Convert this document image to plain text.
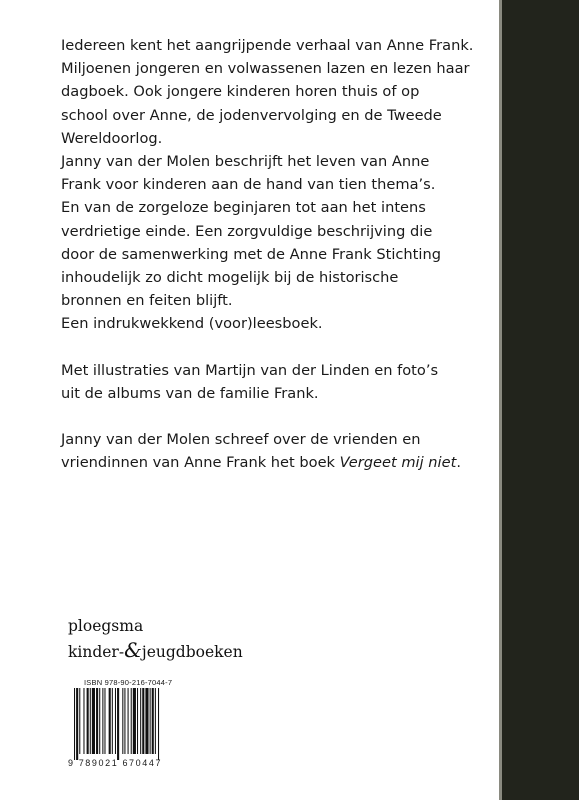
Iedereen kent het aangrijpende verhaal van Anne Frank.
Miljoenen jongeren en volwassenen lazen en lezen haar
dagboek. Ook jongere kinderen horen thuis of op
school over Anne, de jodenvervolging en de Tweede
Wereldoorlog.

Janny van der Molen beschrijft het leven van Anne
Frank voor kinderen aan de hand van tien thema’s.
En van de zorgeloze beginjaren tot aan het intens
verdrietige einde. Een zorgvuldige beschrijving die
door de samenwerking met de Anne Frank Stichting
inhoudelijk zo dicht mogelijk bij de historische
bronnen en feiten blijft.

Een indrukwekkend (voor)leesboek.

Met illustraties van Martijn van der Linden en foto’s
uit de albums van de familie Frank.

Janny van der Molen schreef over de vrienden en
vriendinnen van Anne Frank het boek Vergeet mij niet.

ploegsma
kinder-&jeugdboeken
ISBN 978-90-216-7044-7
9 789021 670447
